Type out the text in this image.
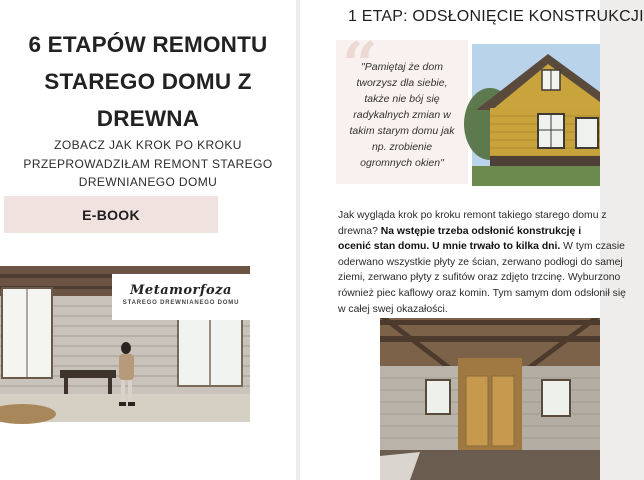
6 ETAPÓW REMONTU
STAREGO DOMU Z
DREWNA
ZOBACZ JAK KROK PO KROKU
PRZEPROWADZIŁAM REMONT STAREGO
DREWNIANEGO DOMU
E-BOOK
Metamorfoza
STAREGO DREWNIANEGO DOMU
1 ETAP: ODSŁONIĘCIE KONSTRUKCJI
“
"Pamiętaj że dom
tworzysz dla siebie,
także nie bój się
radykalnych zmian w
takim starym domu jak
np. zrobienie
ogromnych okien"
Jak wygląda krok po kroku remont takiego starego domu z
drewna? Na wstępie trzeba odsłonić konstrukcję i
ocenić stan domu. U mnie trwało to kilka dni. W tym czasie
oderwano wszystkie płyty ze ścian, zerwano podłogi do samej
ziemi, zerwano płyty z sufitów oraz zdjęto trzcinę. Wyburzono
również piec kaflowy oraz komin. Tym samym dom odsłonił się
w całej swej okazałości.
